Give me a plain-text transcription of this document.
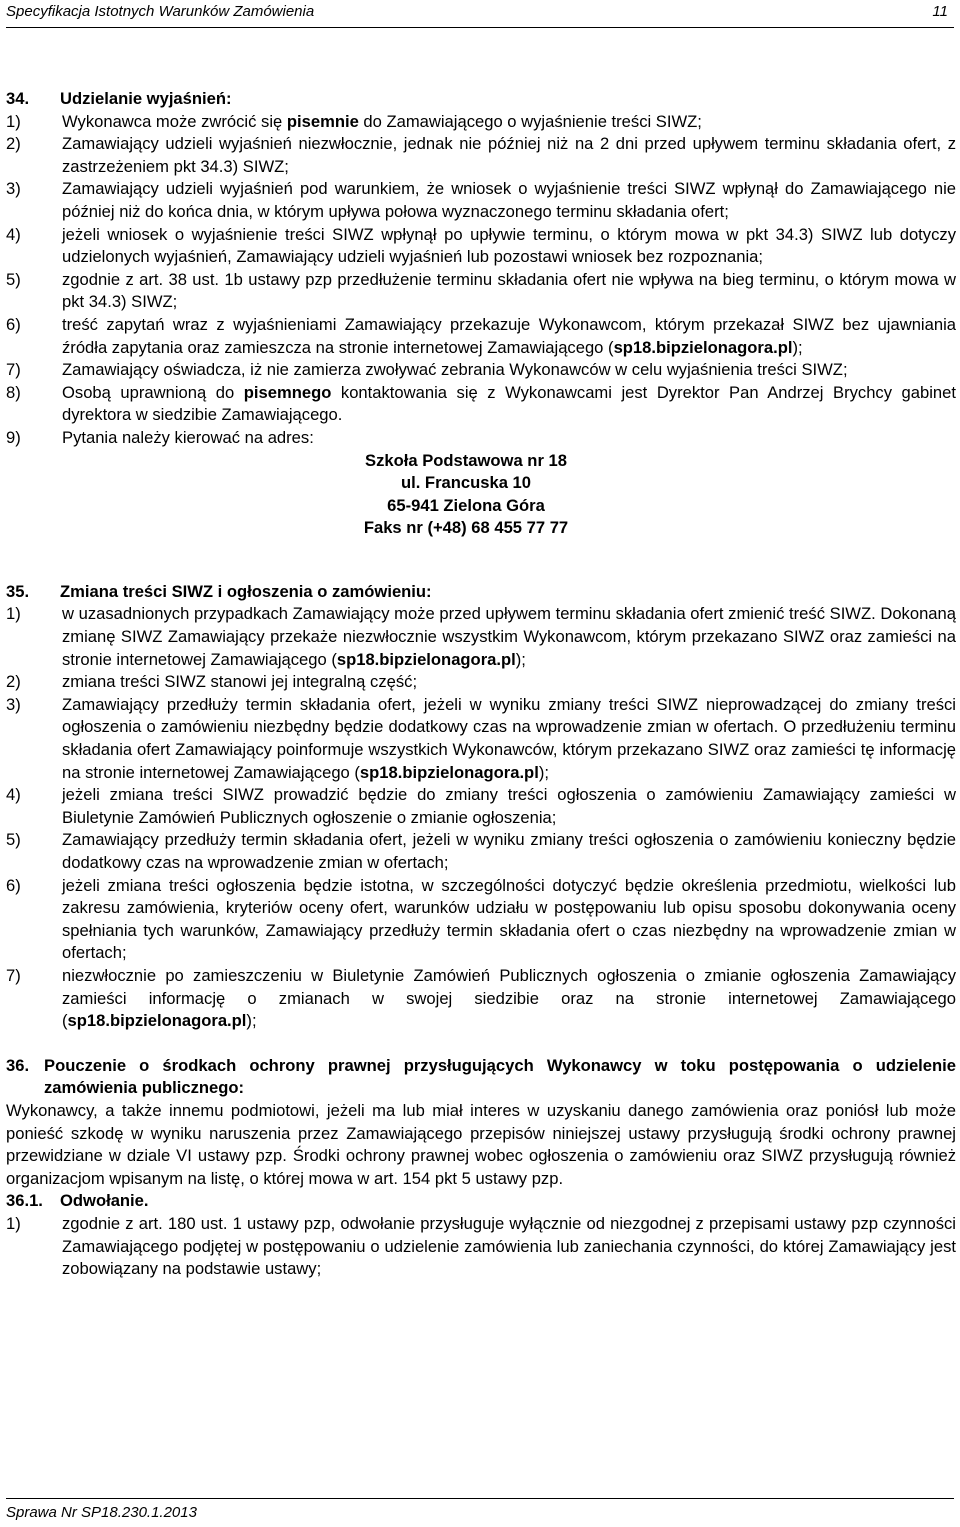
Specyfikacja Istotnych Warunków Zamówienia	11
34. Udzielanie wyjaśnień:
1) Wykonawca może zwrócić się pisemnie do Zamawiającego o wyjaśnienie treści SIWZ;
2) Zamawiający udzieli wyjaśnień niezwłocznie, jednak nie później niż na 2 dni przed upływem terminu składania ofert, z zastrzeżeniem pkt 34.3) SIWZ;
3) Zamawiający udzieli wyjaśnień pod warunkiem, że wniosek o wyjaśnienie treści SIWZ wpłynął do Zamawiającego nie później niż do końca dnia, w którym upływa połowa wyznaczonego terminu składania ofert;
4) jeżeli wniosek o wyjaśnienie treści SIWZ wpłynął po upływie terminu, o którym mowa w pkt 34.3) SIWZ lub dotyczy udzielonych wyjaśnień, Zamawiający udzieli wyjaśnień lub pozostawi wniosek bez rozpoznania;
5) zgodnie z art. 38 ust. 1b ustawy pzp przedłużenie terminu składania ofert nie wpływa na bieg terminu, o którym mowa w pkt 34.3) SIWZ;
6) treść zapytań wraz z wyjaśnieniami Zamawiający przekazuje Wykonawcom, którym przekazał SIWZ bez ujawniania źródła zapytania oraz zamieszcza na stronie internetowej Zamawiającego (sp18.bipzielonagora.pl);
7) Zamawiający oświadcza, iż nie zamierza zwoływać zebrania Wykonawców w celu wyjaśnienia treści SIWZ;
8) Osobą uprawnioną do pisemnego kontaktowania się z Wykonawcami jest Dyrektor Pan Andrzej Brychcy gabinet dyrektora w siedzibie Zamawiającego.
9) Pytania należy kierować na adres:
Szkoła Podstawowa nr 18
ul. Francuska 10
65-941 Zielona Góra
Faks nr (+48) 68 455 77 77
35. Zmiana treści SIWZ i ogłoszenia o zamówieniu:
1) w uzasadnionych przypadkach Zamawiający może przed upływem terminu składania ofert zmienić treść SIWZ. Dokonaną zmianę SIWZ Zamawiający przekaże niezwłocznie wszystkim Wykonawcom, którym przekazano SIWZ oraz zamieści na stronie internetowej Zamawiającego (sp18.bipzielonagora.pl);
2) zmiana treści SIWZ stanowi jej integralną część;
3) Zamawiający przedłuży termin składania ofert, jeżeli w wyniku zmiany treści SIWZ nieprowadzącej do zmiany treści ogłoszenia o zamówieniu niezbędny będzie dodatkowy czas na wprowadzenie zmian w ofertach. O przedłużeniu terminu składania ofert Zamawiający poinformuje wszystkich Wykonawców, którym przekazano SIWZ oraz zamieści tę informację na stronie internetowej Zamawiającego (sp18.bipzielonagora.pl);
4) jeżeli zmiana treści SIWZ prowadzić będzie do zmiany treści ogłoszenia o zamówieniu Zamawiający zamieści w Biuletynie Zamówień Publicznych ogłoszenie o zmianie ogłoszenia;
5) Zamawiający przedłuży termin składania ofert, jeżeli w wyniku zmiany treści ogłoszenia o zamówieniu konieczny będzie dodatkowy czas na wprowadzenie zmian w ofertach;
6) jeżeli zmiana treści ogłoszenia będzie istotna, w szczególności dotyczyć będzie określenia przedmiotu, wielkości lub zakresu zamówienia, kryteriów oceny ofert, warunków udziału w postępowaniu lub opisu sposobu dokonywania oceny spełniania tych warunków, Zamawiający przedłuży termin składania ofert o czas niezbędny na wprowadzenie zmian w ofertach;
7) niezwłocznie po zamieszczeniu w Biuletynie Zamówień Publicznych ogłoszenia o zmianie ogłoszenia Zamawiający zamieści informację o zmianach w swojej siedzibie oraz na stronie internetowej Zamawiającego (sp18.bipzielonagora.pl);
36. Pouczenie o środkach ochrony prawnej przysługujących Wykonawcy w toku postępowania o udzielenie zamówienia publicznego:
Wykonawcy, a także innemu podmiotowi, jeżeli ma lub miał interes w uzyskaniu danego zamówienia oraz poniósł lub może ponieść szkodę w wyniku naruszenia przez Zamawiającego przepisów niniejszej ustawy przysługują środki ochrony prawnej przewidziane w dziale VI ustawy pzp. Środki ochrony prawnej wobec ogłoszenia o zamówieniu oraz SIWZ przysługują również organizacjom wpisanym na listę, o której mowa w art. 154 pkt 5 ustawy pzp.
36.1. Odwołanie.
1) zgodnie z art. 180 ust. 1 ustawy pzp, odwołanie przysługuje wyłącznie od niezgodnej z przepisami ustawy pzp czynności Zamawiającego podjętej w postępowaniu o udzielenie zamówienia lub zaniechania czynności, do której Zamawiający jest zobowiązany na podstawie ustawy;
Sprawa Nr SP18.230.1.2013
